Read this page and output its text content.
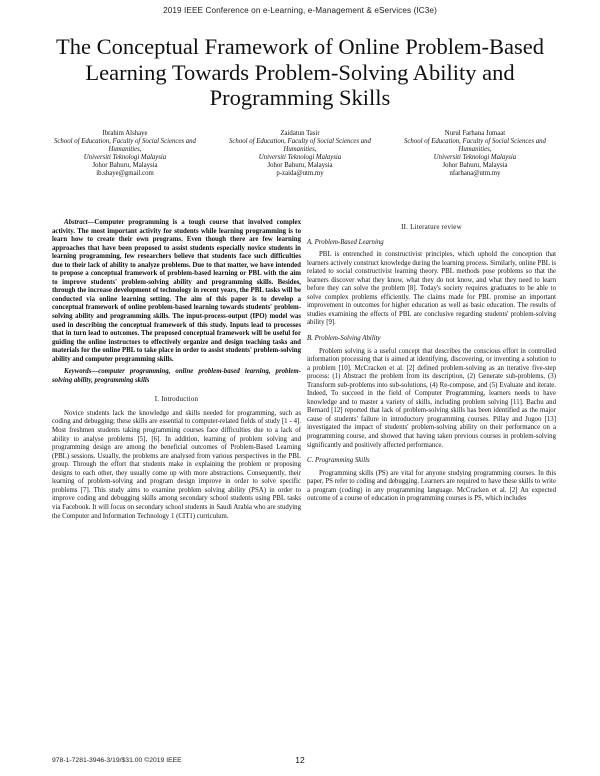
2019 IEEE Conference on e-Learning, e-Management & eServices (IC3e)
The Conceptual Framework of Online Problem-Based Learning Towards Problem-Solving Ability and Programming Skills
Ibrahim Alshaye
School of Education, Faculty of Social Sciences and Humanities,
Universiti Teknologi Malaysia
Johor Bahuru, Malaysia
ib.shaye@gmail.com
Zaidatun Tasir
School of Education, Faculty of Social Sciences and Humanities,
Universiti Teknologi Malaysia
Johor Bahuru, Malaysia
p-zaida@utm.my
Nurul Farhana Jumaat
School of Education, Faculty of Social Sciences and Humanities,
Universiti Teknologi Malaysia
Johor Bahuru, Malaysia
nfarhana@utm.my

Abstract—Computer programming is a tough course that involved complex activity. The most important activity for students while learning programming is to learn how to create their own programs. Even though there are few learning approaches that have been proposed to assist students especially novice students in learning programming, few researchers believe that students face such difficulties due to their lack of ability to analyze problems. Due to that matter, we have intended to propose a conceptual framework of problem-based learning or PBL with the aim to improve students' problem-solving ability and programming skills. Besides, through the increase development of technology in recent years, the PBL tasks will be conducted via online learning setting. The aim of this paper is to develop a conceptual framework of online problem-based learning towards students' problem-solving ability and programming skills. The input-process-output (IPO) model was used in describing the conceptual framework of this study. Inputs lead to processes that in turn lead to outcomes. The proposed conceptual framework will be useful for guiding the online instructors to effectively organize and design teaching tasks and materials for the online PBL to take place in order to assist students' problem-solving ability and computer programming skills.

Keywords—computer programming, online problem-based learning, problem-solving ability, programming skills

I. Introduction

Novice students lack the knowledge and skills needed for programming, such as coding and debugging; these skills are essential to computer-related fields of study [1 - 4]. Most freshmen students taking programming courses face difficulties due to a lack of ability to analyse problems [5], [6]. In addition, learning of problem solving and programming design are among the beneficial outcomes of Problem-Based Learning (PBL) sessions. Usually, the problems are analysed from various perspectives in the PBL group. Through the effort that students make in explaining the problem or proposing designs to each other, they usually come up with more abstractions. Consequently, their learning of problem-solving and program design improve in order to solve specific problems [7]. This study aims to examine problem solving ability (PSA) in order to improve coding and debugging skills among secondary school students using PBL tasks via Facebook. It will focus on secondary school students in Saudi Arabia who are studying the Computer and Information Technology 1 (CIT1) curriculum.

II. Literature review
A. Problem-Based Learning

PBL is entrenched in constructivist principles, which uphold the conception that learners actively construct knowledge during the learning process. Similarly, online PBL is related to social constructivist learning theory. PBL methods pose problems so that the learners discover what they know, what they do not know, and what they need to learn before they can solve the problem [8]. Today's society requires graduates to be able to solve complex problems efficiently. The claims made for PBL promise an important improvement in outcomes for higher education as well as basic education. The results of studies examining the effects of PBL are conclusive regarding students' problem-solving ability [9].

B. Problem-Solving Ability

Problem solving is a useful concept that describes the conscious effort in controlled information processing that is aimed at identifying, discovering, or inventing a solution to a problem [10]. McCracken et al. [2] defined problem-solving as an iterative five-step process: (1) Abstract the problem from its description, (2) Generate sub-problems, (3) Transform sub-problems into sub-solutions, (4) Re-compose, and (5) Evaluate and iterate. Indeed, To succeed in the field of Computer Programming, learners needs to have knowledge and to master a variety of skills, including problem solving [11]. Bachu and Bernard [12] reported that lack of problem-solving skills has been identified as the major cause of students' failure in introductory programming courses. Pillay and Jugoo [13] investigated the impact of students' problem-solving ability on their performance on a programming course, and showed that having taken previous courses in problem-solving significantly and positively affected performance.

C. Programming Skills

Programming skills (PS) are vital for anyone studying programming courses. In this paper, PS refer to coding and debugging. Learners are required to have these skills to write a program (coding) in any programming language. McCracken et al. [2] An expected outcome of a course of education in programming courses is PS, which includes

978-1-7281-3946-3/19/$31.00 ©2019 IEEE	12
